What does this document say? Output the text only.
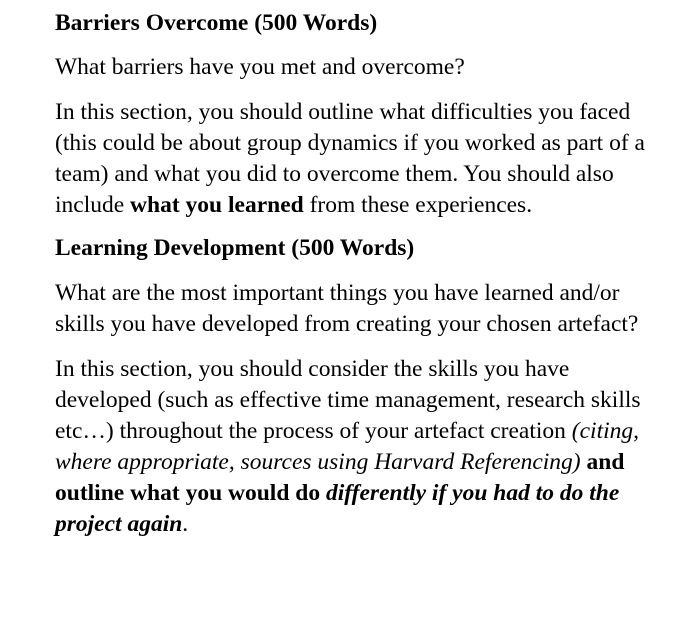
Barriers Overcome (500 Words)

What barriers have you met and overcome?

In this section, you should outline what difficulties you faced (this could be about group dynamics if you worked as part of a team) and what you did to overcome them. You should also include what you learned from these experiences.

Learning Development (500 Words)

What are the most important things you have learned and/or skills you have developed from creating your chosen artefact?

In this section, you should consider the skills you have developed (such as effective time management, research skills etc…) throughout the process of your artefact creation (citing, where appropriate, sources using Harvard Referencing) and outline what you would do differently if you had to do the project again.
